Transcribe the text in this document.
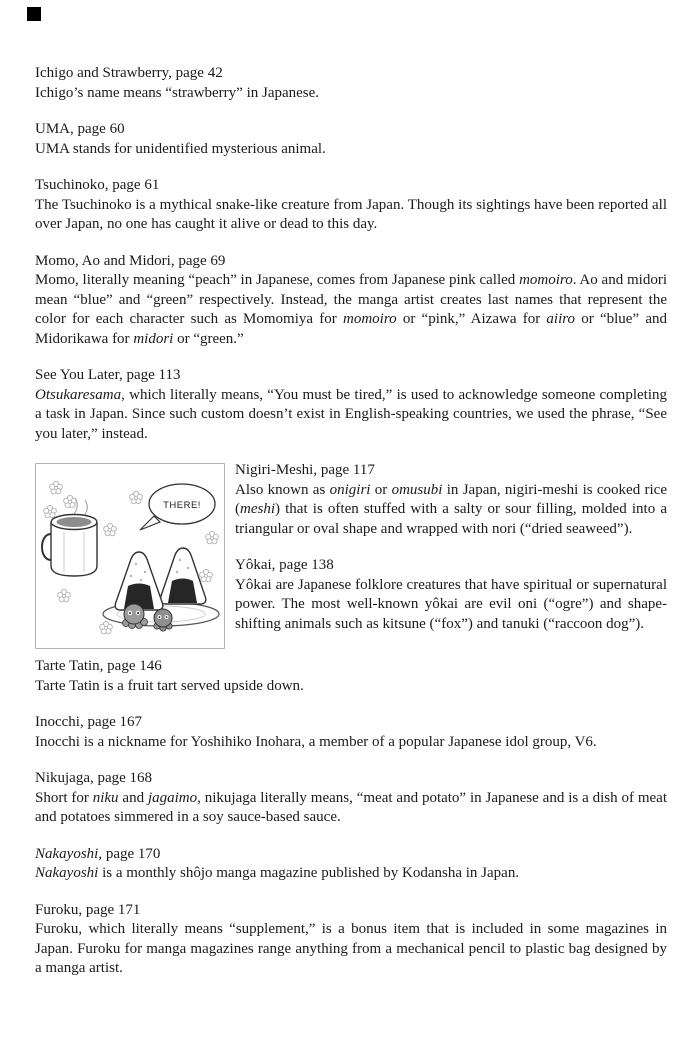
Ichigo and Strawberry, page 42

Ichigo’s name means “strawberry” in Japanese.

UMA, page 60

UMA stands for unidentified mysterious animal.

Tsuchinoko, page 61

The Tsuchinoko is a mythical snake-like creature from Japan. Though its sightings have been reported all over Japan, no one has caught it alive or dead to this day.

Momo, Ao and Midori, page 69

Momo, literally meaning “peach” in Japanese, comes from Japanese pink called momoiro. Ao and midori mean “blue” and “green” respectively. Instead, the manga artist creates last names that represent the color for each character such as Momomiya for momoiro or “pink,” Aizawa for aiiro or “blue” and Midorikawa for midori or “green.”

See You Later, page 113

Otsukaresama, which literally means, “You must be tired,” is used to acknowledge someone completing a task in Japan. Since such custom doesn’t exist in English-speaking countries, we used the phrase, “See you later,” instead.

THERE!
Nigiri-Meshi, page 117

Also known as onigiri or omusubi in Japan, nigiri-meshi is cooked rice (meshi) that is often stuffed with a salty or sour filling, molded into a triangular or oval shape and wrapped with nori (“dried seaweed”).

Yôkai, page 138

Yôkai are Japanese folklore creatures that have spiritual or supernatural power. The most well-known yôkai are evil oni (“ogre”) and shape-shifting animals such as kitsune (“fox”) and tanuki (“raccoon dog”).

Tarte Tatin, page 146

Tarte Tatin is a fruit tart served upside down.

Inocchi, page 167

Inocchi is a nickname for Yoshihiko Inohara, a member of a popular Japanese idol group, V6.

Nikujaga, page 168

Short for niku and jagaimo, nikujaga literally means, “meat and potato” in Japanese and is a dish of meat and potatoes simmered in a soy sauce-based sauce.

Nakayoshi, page 170

Nakayoshi is a monthly shôjo manga magazine published by Kodansha in Japan.

Furoku, page 171

Furoku, which literally means “supplement,” is a bonus item that is included in some magazines in Japan. Furoku for manga magazines range anything from a mechanical pencil to plastic bag designed by a manga artist.
